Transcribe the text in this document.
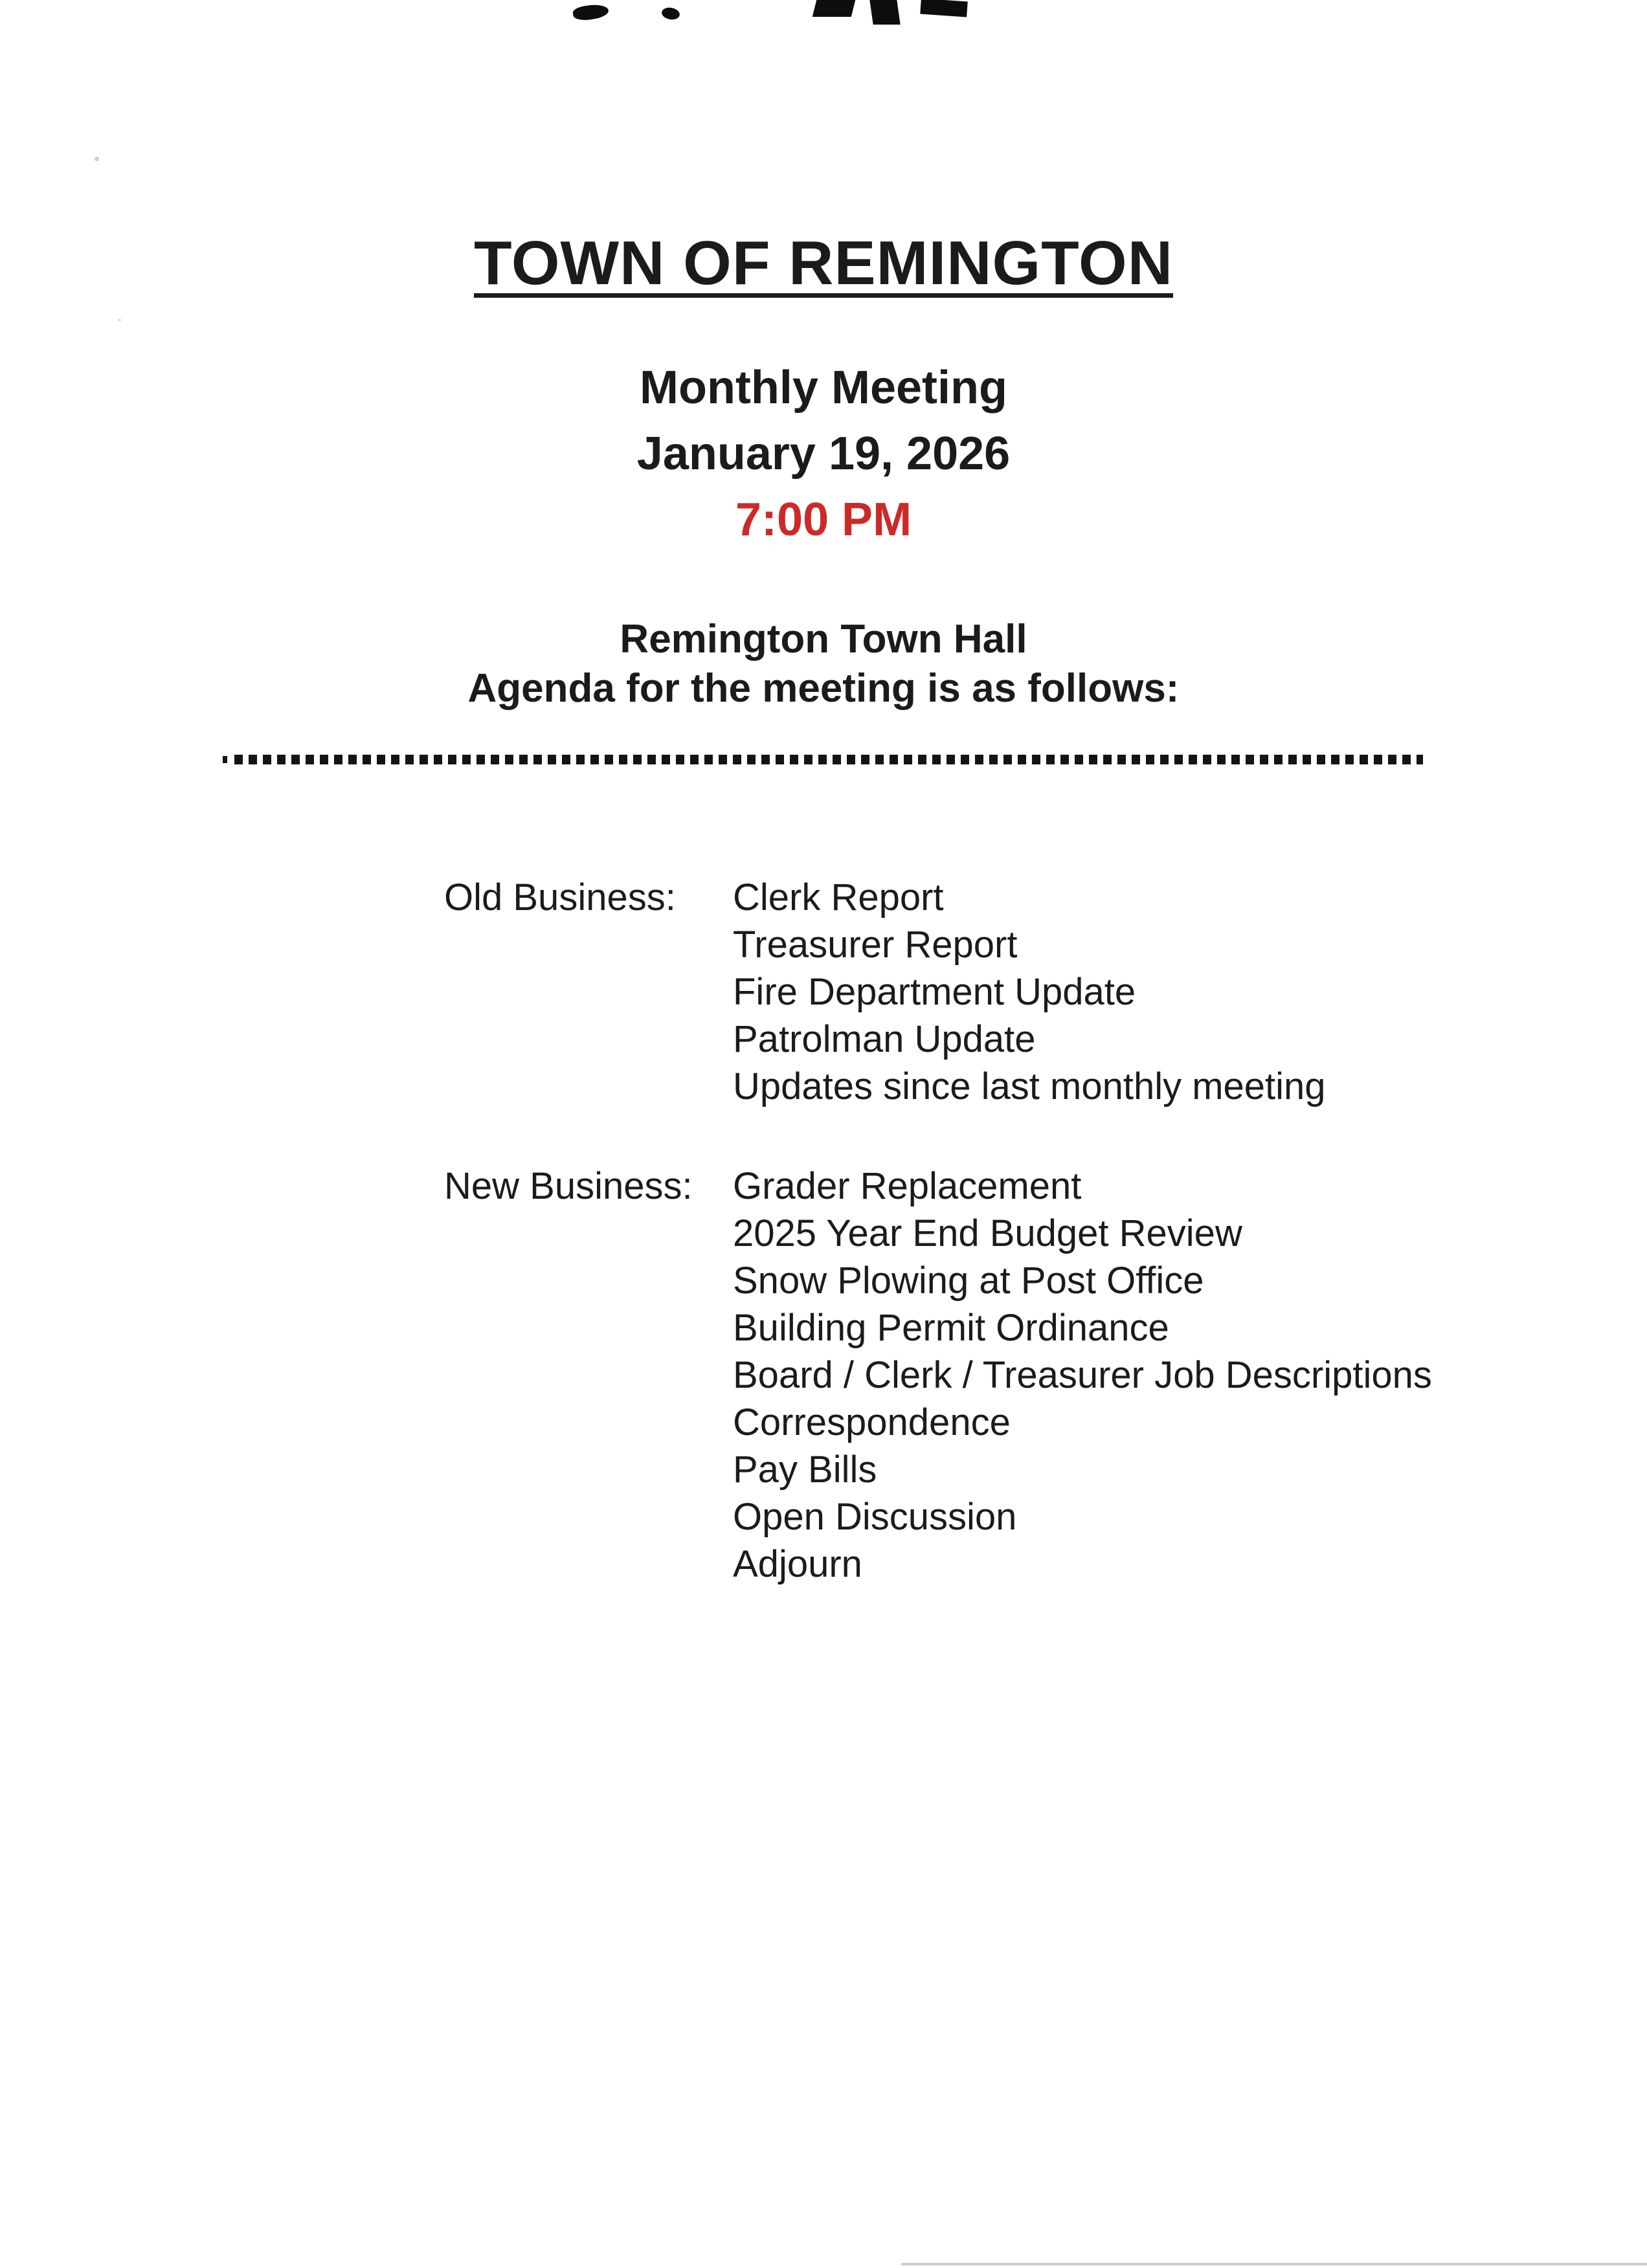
TOWN OF REMINGTON
Monthly Meeting
January 19, 2026
7:00 PM
Remington Town Hall
Agenda for the meeting is as follows:
Old Business:	Clerk Report
Treasurer Report
Fire Department Update
Patrolman Update
Updates since last monthly meeting
New Business:	Grader Replacement
2025 Year End Budget Review
Snow Plowing at Post Office
Building Permit Ordinance
Board / Clerk / Treasurer Job Descriptions
Correspondence
Pay Bills
Open Discussion
Adjourn
